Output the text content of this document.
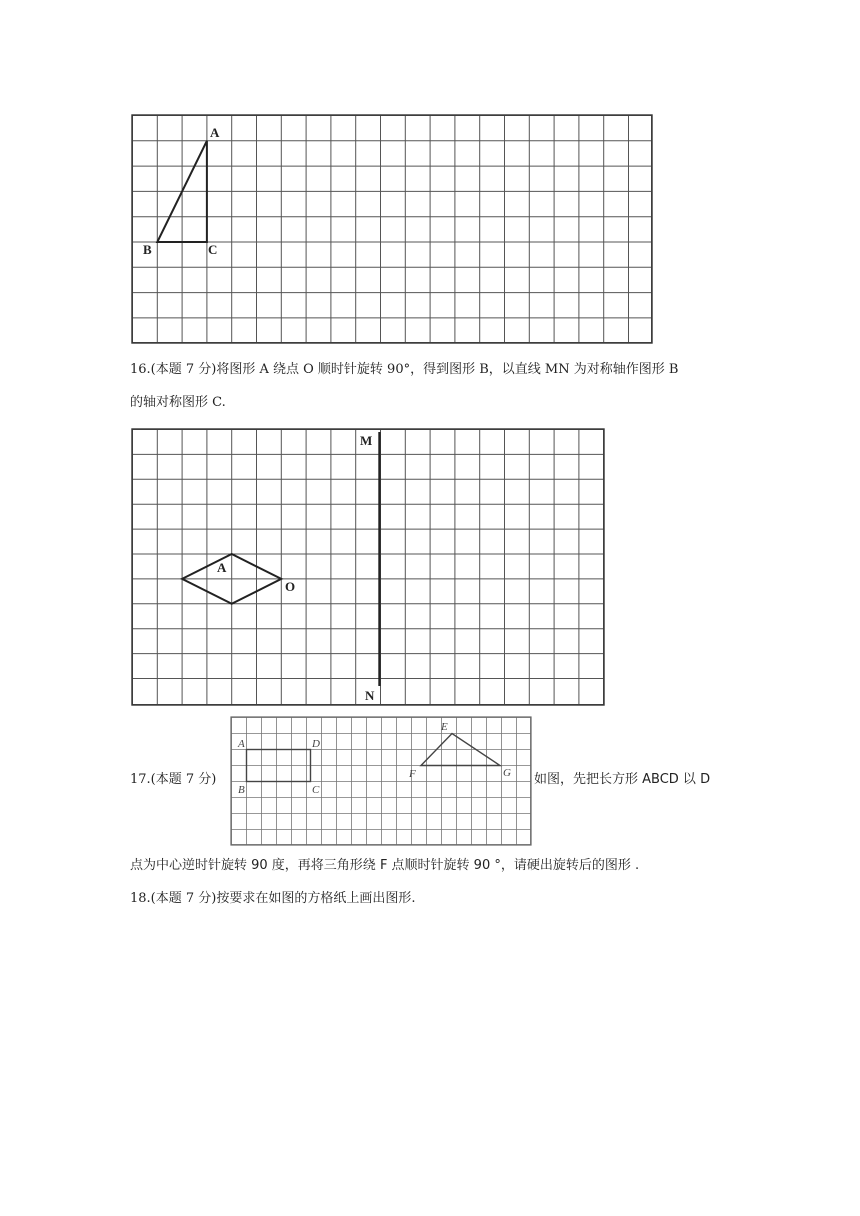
A
B	C
16.(本题 7 分)将图形 A 绕点 O 顺时针旋转 90°，得到图形 B，以直线 MN 为对称轴作图形 B
的轴对称图形 C.
M
N
A
O
17.(本题 7 分)
A	D
B	C
E
F	G 如图，先把长方形 ABCD 以 D
点为中心逆时针旋转 90 度，再将三角形绕 F 点顺时针旋转 90 °，请硬出旋转后的图形 .
18.(本题 7 分)按要求在如图的方格纸上画出图形.
